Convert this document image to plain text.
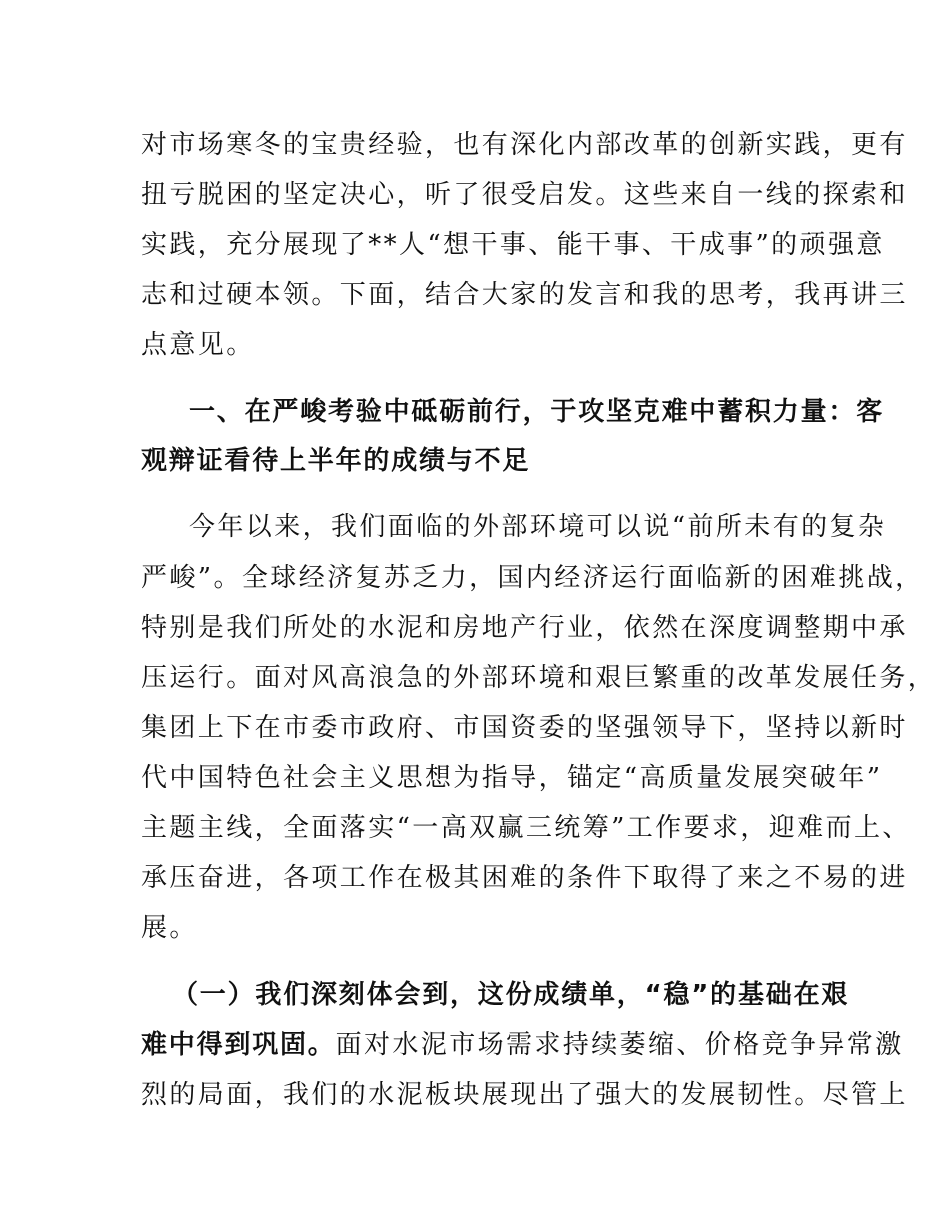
对市场寒冬的宝贵经验，也有深化内部改革的创新实践，更有
扭亏脱困的坚定决心，听了很受启发。这些来自一线的探索和
实践，充分展现了**人“想干事、能干事、干成事”的顽强意
志和过硬本领。下面，结合大家的发言和我的思考，我再讲三
点意见。
一、在严峻考验中砥砺前行，于攻坚克难中蓄积力量：客
观辩证看待上半年的成绩与不足
今年以来，我们面临的外部环境可以说“前所未有的复杂
严峻”。全球经济复苏乏力，国内经济运行面临新的困难挑战，
特别是我们所处的水泥和房地产行业，依然在深度调整期中承
压运行。面对风高浪急的外部环境和艰巨繁重的改革发展任务，
集团上下在市委市政府、市国资委的坚强领导下，坚持以新时
代中国特色社会主义思想为指导，锚定“高质量发展突破年”
主题主线，全面落实“一高双赢三统筹”工作要求，迎难而上、
承压奋进，各项工作在极其困难的条件下取得了来之不易的进
展。
（一）我们深刻体会到，这份成绩单，“稳”的基础在艰
难中得到巩固。面对水泥市场需求持续萎缩、价格竞争异常激
烈的局面，我们的水泥板块展现出了强大的发展韧性。尽管上
